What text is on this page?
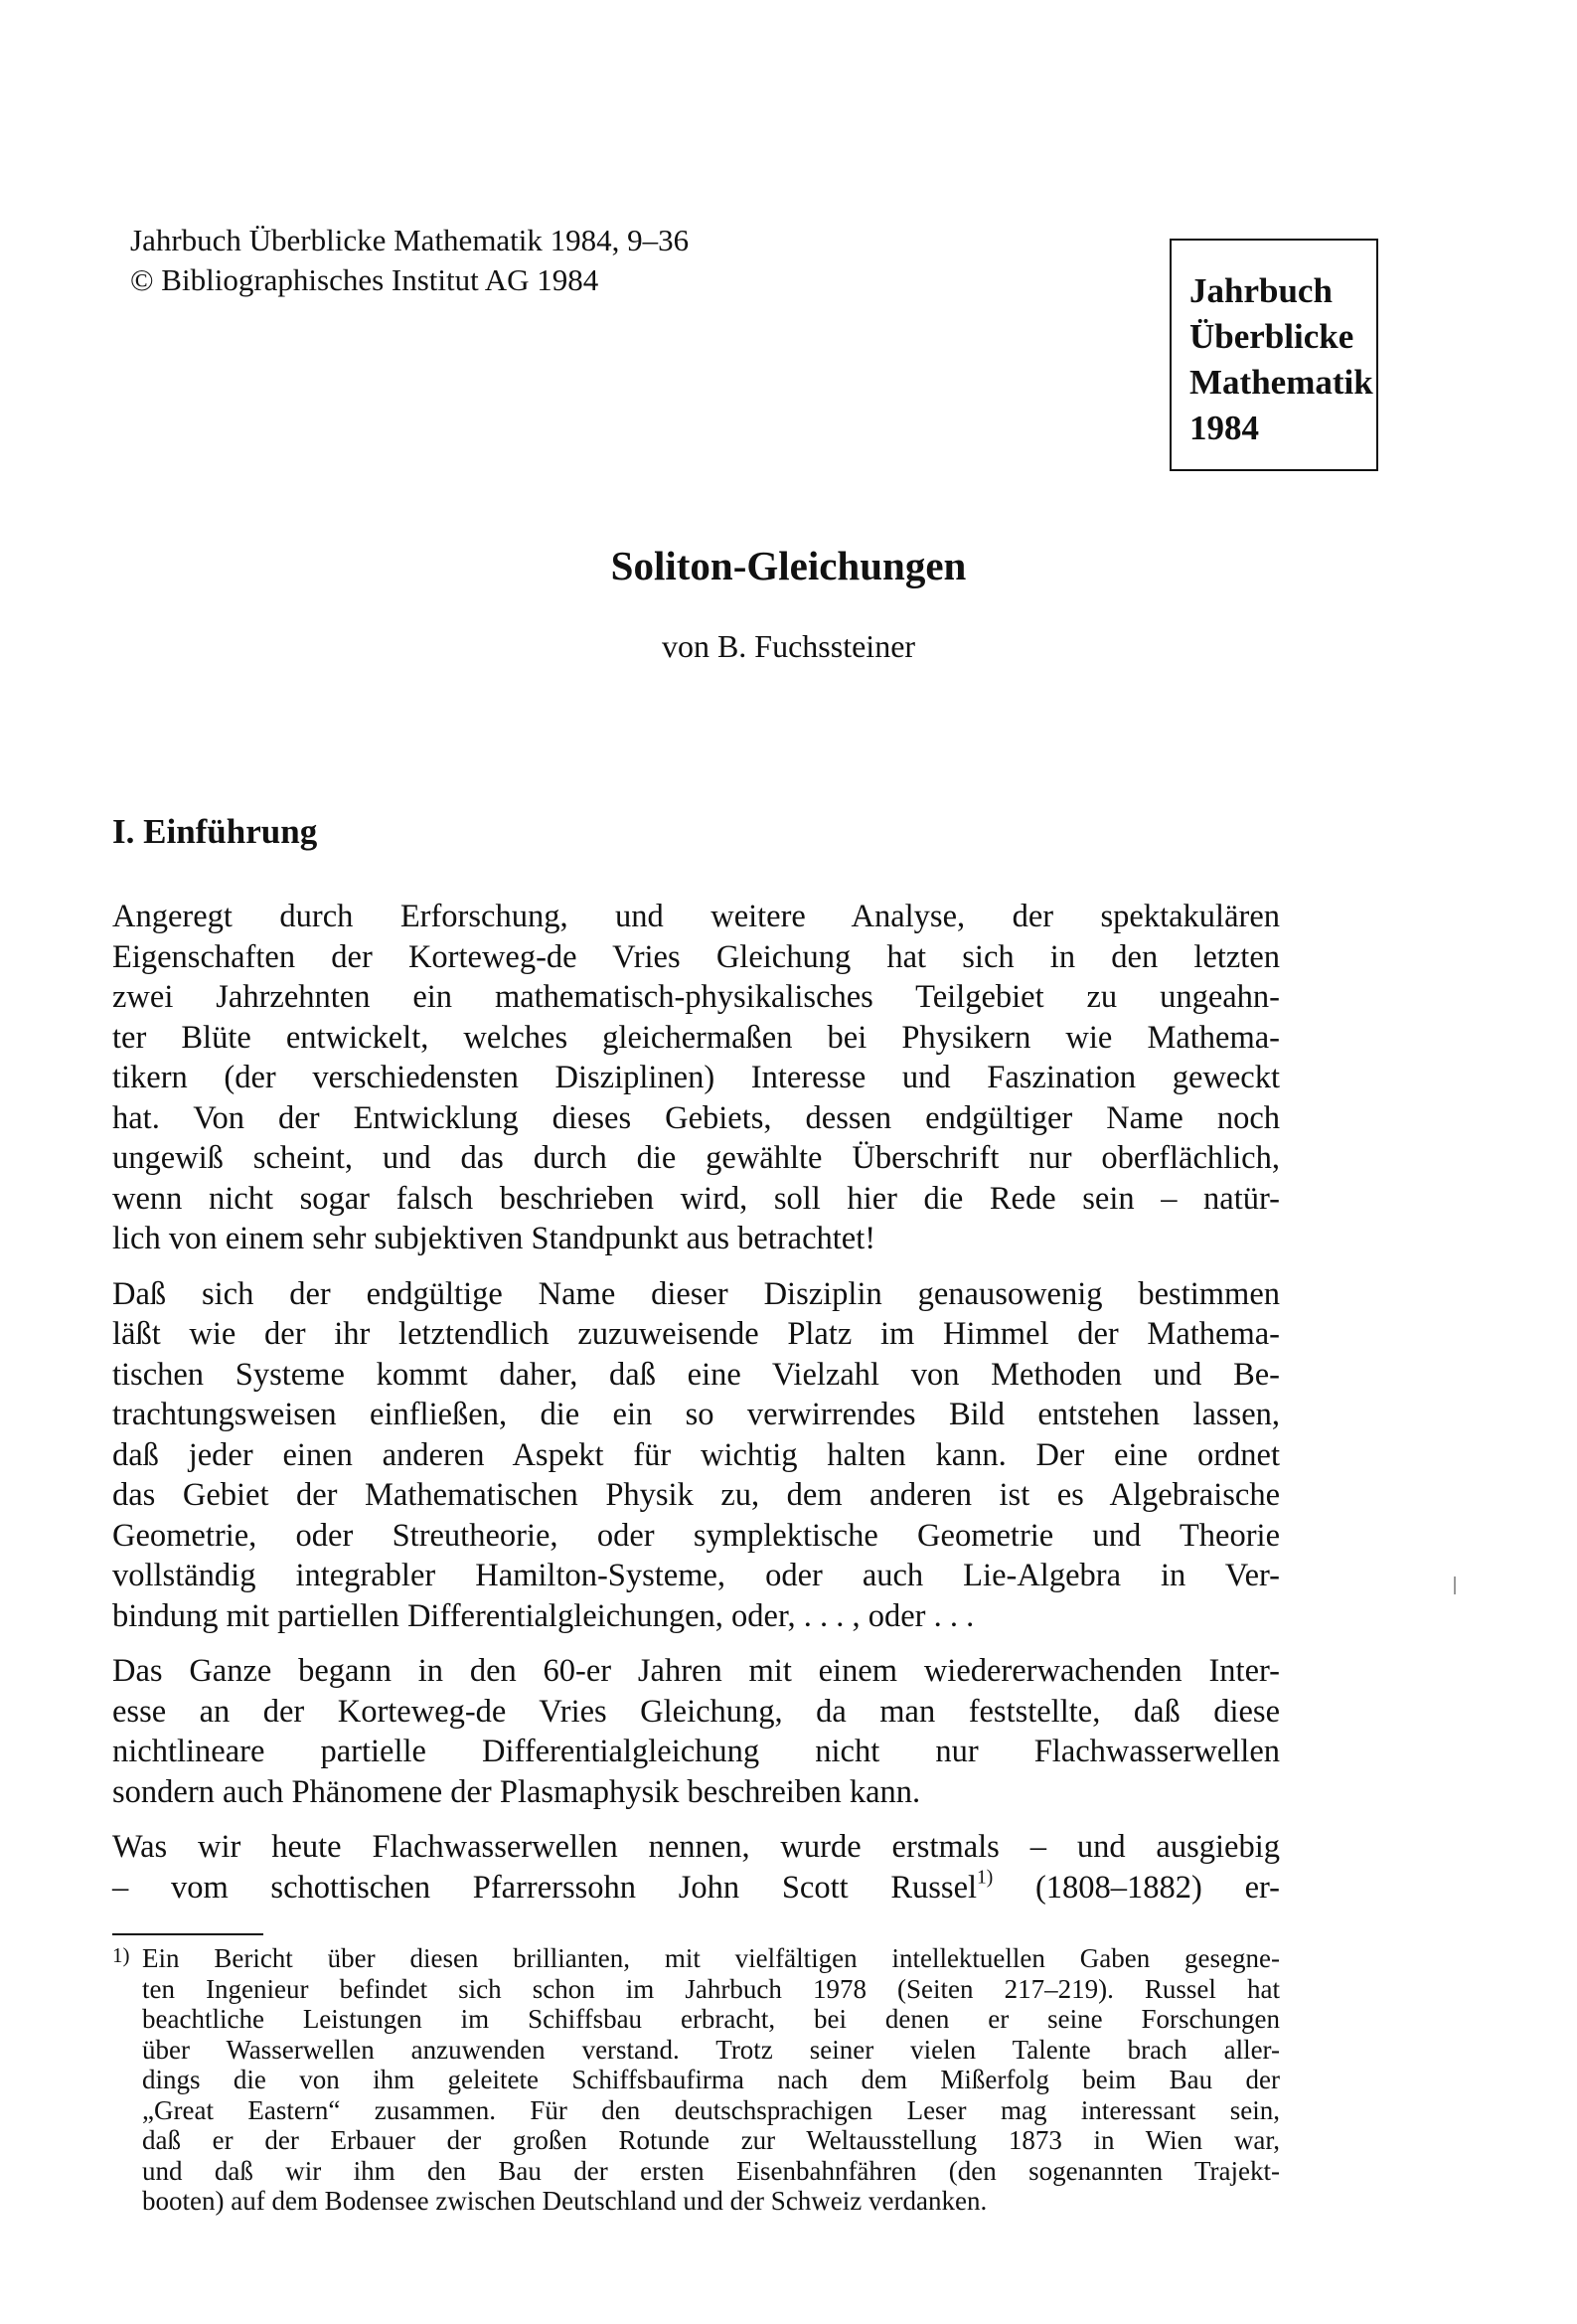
Jahrbuch Überblicke Mathematik 1984, 9–36
© Bibliographisches Institut AG 1984	Jahrbuch
Überblicke
Mathematik
1984
Soliton-Gleichungen
von B. Fuchssteiner
I. Einführung
Angeregt durch Erforschung, und weitere Analyse, der spektakulären
Eigenschaften der Korteweg-de Vries Gleichung hat sich in den letzten
zwei Jahrzehnten ein mathematisch-physikalisches Teilgebiet zu ungeahn-
ter Blüte entwickelt, welches gleichermaßen bei Physikern wie Mathema-
tikern (der verschiedensten Disziplinen) Interesse und Faszination geweckt
hat. Von der Entwicklung dieses Gebiets, dessen endgültiger Name noch
ungewiß scheint, und das durch die gewählte Überschrift nur oberflächlich,
wenn nicht sogar falsch beschrieben wird, soll hier die Rede sein – natür-
lich von einem sehr subjektiven Standpunkt aus betrachtet!
Daß sich der endgültige Name dieser Disziplin genausowenig bestimmen
läßt wie der ihr letztendlich zuzuweisende Platz im Himmel der Mathema-
tischen Systeme kommt daher, daß eine Vielzahl von Methoden und Be-
trachtungsweisen einfließen, die ein so verwirrendes Bild entstehen lassen,
daß jeder einen anderen Aspekt für wichtig halten kann. Der eine ordnet
das Gebiet der Mathematischen Physik zu, dem anderen ist es Algebraische
Geometrie, oder Streutheorie, oder symplektische Geometrie und Theorie
vollständig integrabler Hamilton-Systeme, oder auch Lie-Algebra in Ver-
bindung mit partiellen Differentialgleichungen, oder, . . . , oder . . .
Das Ganze begann in den 60-er Jahren mit einem wiedererwachenden Inter-
esse an der Korteweg-de Vries Gleichung, da man feststellte, daß diese
nichtlineare partielle Differentialgleichung nicht nur Flachwasserwellen
sondern auch Phänomene der Plasmaphysik beschreiben kann.
Was wir heute Flachwasserwellen nennen, wurde erstmals – und ausgiebig
– vom schottischen Pfarrerssohn John Scott Russel$^{1)}$ (1808–1882) er-
1) Ein Bericht über diesen brillianten, mit vielfältigen intellektuellen Gaben gesegne-
ten Ingenieur befindet sich schon im Jahrbuch 1978 (Seiten 217–219). Russel hat
beachtliche Leistungen im Schiffsbau erbracht, bei denen er seine Forschungen
über Wasserwellen anzuwenden verstand. Trotz seiner vielen Talente brach aller-
dings die von ihm geleitete Schiffsbaufirma nach dem Mißerfolg beim Bau der
„Great Eastern“ zusammen. Für den deutschsprachigen Leser mag interessant sein,
daß er der Erbauer der großen Rotunde zur Weltausstellung 1873 in Wien war,
und daß wir ihm den Bau der ersten Eisenbahnfähren (den sogenannten Trajekt-
booten) auf dem Bodensee zwischen Deutschland und der Schweiz verdanken.
